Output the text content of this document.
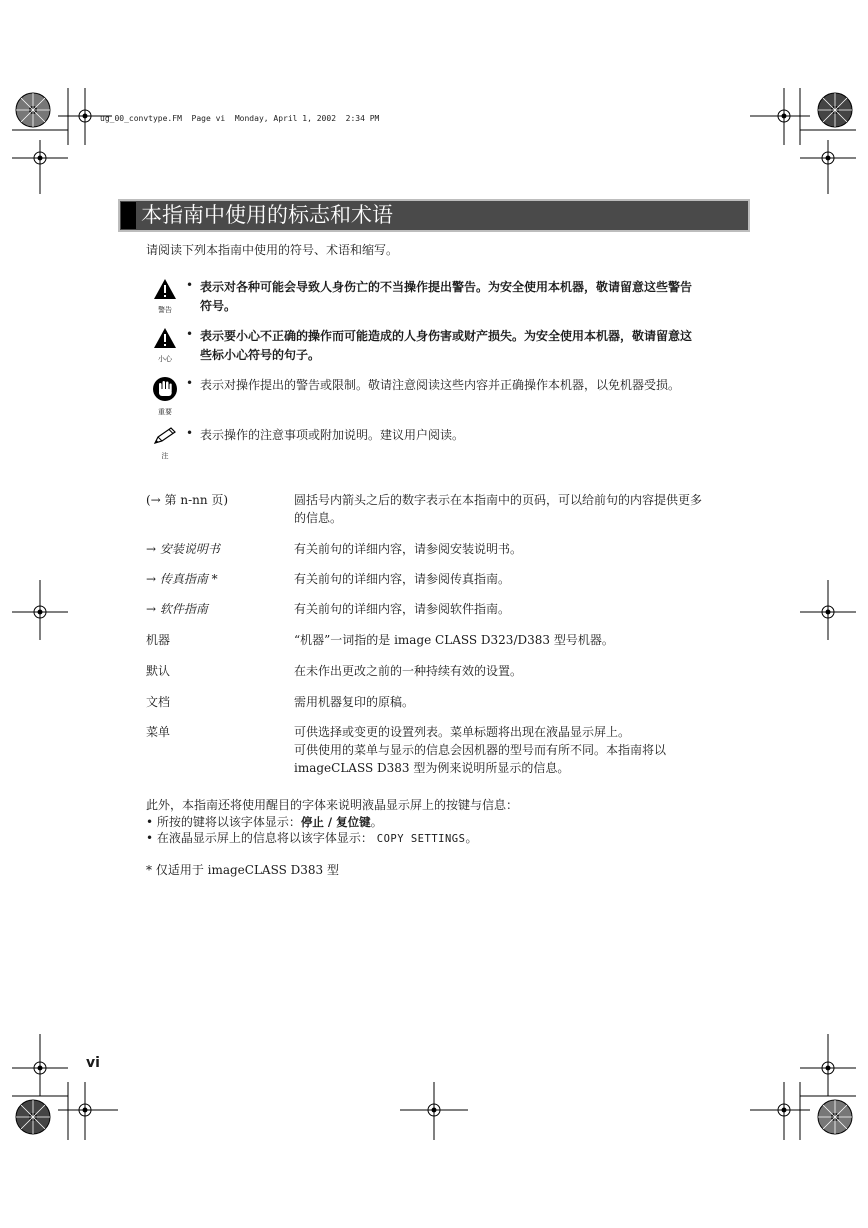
ug_00_convtype.FM  Page vi  Monday, April 1, 2002  2:34 PM
本指南中使用的标志和术语
请阅读下列本指南中使用的符号、术语和缩写。
警告
• 表示对各种可能会导致人身伤亡的不当操作提出警告。为安全使用本机器，敬请留意这些警告
符号。
小心
• 表示要小心不正确的操作而可能造成的人身伤害或财产损失。为安全使用本机器，敬请留意这
些标小心符号的句子。
重要
• 表示对操作提出的警告或限制。敬请注意阅读这些内容并正确操作本机器，以免机器受损。
注
• 表示操作的注意事项或附加说明。建议用户阅读。
(→ 第 n-nn 页)	圆括号内箭头之后的数字表示在本指南中的页码，可以给前句的内容提供更多
的信息。
→ 安装说明书	有关前句的详细内容，请参阅安装说明书。
→ 传真指南 *	有关前句的详细内容，请参阅传真指南。
→ 软件指南	有关前句的详细内容，请参阅软件指南。
机器	“机器”一词指的是 image CLASS D323/D383 型号机器。
默认	在未作出更改之前的一种持续有效的设置。
文档	需用机器复印的原稿。
菜单	可供选择或变更的设置列表。菜单标题将出现在液晶显示屏上。
可供使用的菜单与显示的信息会因机器的型号而有所不同。本指南将以
imageCLASS D383 型为例来说明所显示的信息。
此外，本指南还将使用醒目的字体来说明液晶显示屏上的按键与信息：
• 所按的键将以该字体显示：停止 / 复位键。
• 在液晶显示屏上的信息将以该字体显示： COPY SETTINGS。
* 仅适用于 imageCLASS D383 型
vi
